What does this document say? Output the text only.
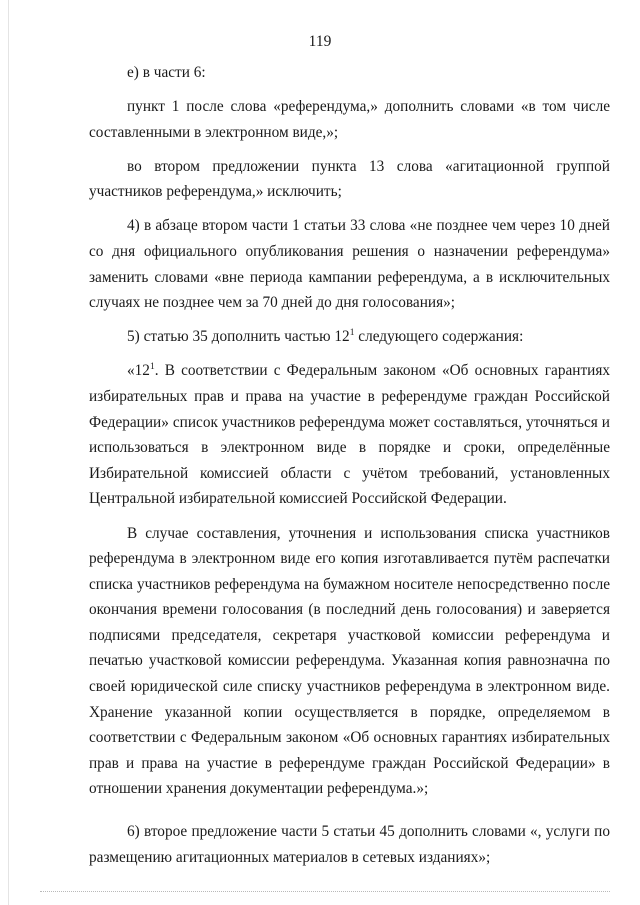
119

е) в части 6:

пункт 1 после слова «референдума,» дополнить словами «в том числе составленными в электронном виде,»;

во втором предложении пункта 13 слова «агитационной группой участников референдума,» исключить;

4) в абзаце втором части 1 статьи 33 слова «не позднее чем через 10 дней со дня официального опубликования решения о назначении референдума» заменить словами «вне периода кампании референдума, а в исключительных случаях не позднее чем за 70 дней до дня голосования»;

5) статью 35 дополнить частью $12^1$ следующего содержания:

«$12^1$. В соответствии с Федеральным законом «Об основных гарантиях избирательных прав и права на участие в референдуме граждан Российской Федерации» список участников референдума может составляться, уточняться и использоваться в электронном виде в порядке и сроки, определённые Избирательной комиссией области с учётом требований, установленных Центральной избирательной комиссией Российской Федерации.

В случае составления, уточнения и использования списка участников референдума в электронном виде его копия изготавливается путём распечатки списка участников референдума на бумажном носителе непосредственно после окончания времени голосования (в последний день голосования) и заверяется подписями председателя, секретаря участковой комиссии референдума и печатью участковой комиссии референдума. Указанная копия равнозначна по своей юридической силе списку участников референдума в электронном виде. Хранение указанной копии осуществляется в порядке, определяемом в соответствии с Федеральным законом «Об основных гарантиях избирательных прав и права на участие в референдуме граждан Российской Федерации» в отношении хранения документации референдума.»;

6) второе предложение части 5 статьи 45 дополнить словами «, услуги по размещению агитационных материалов в сетевых изданиях»;
